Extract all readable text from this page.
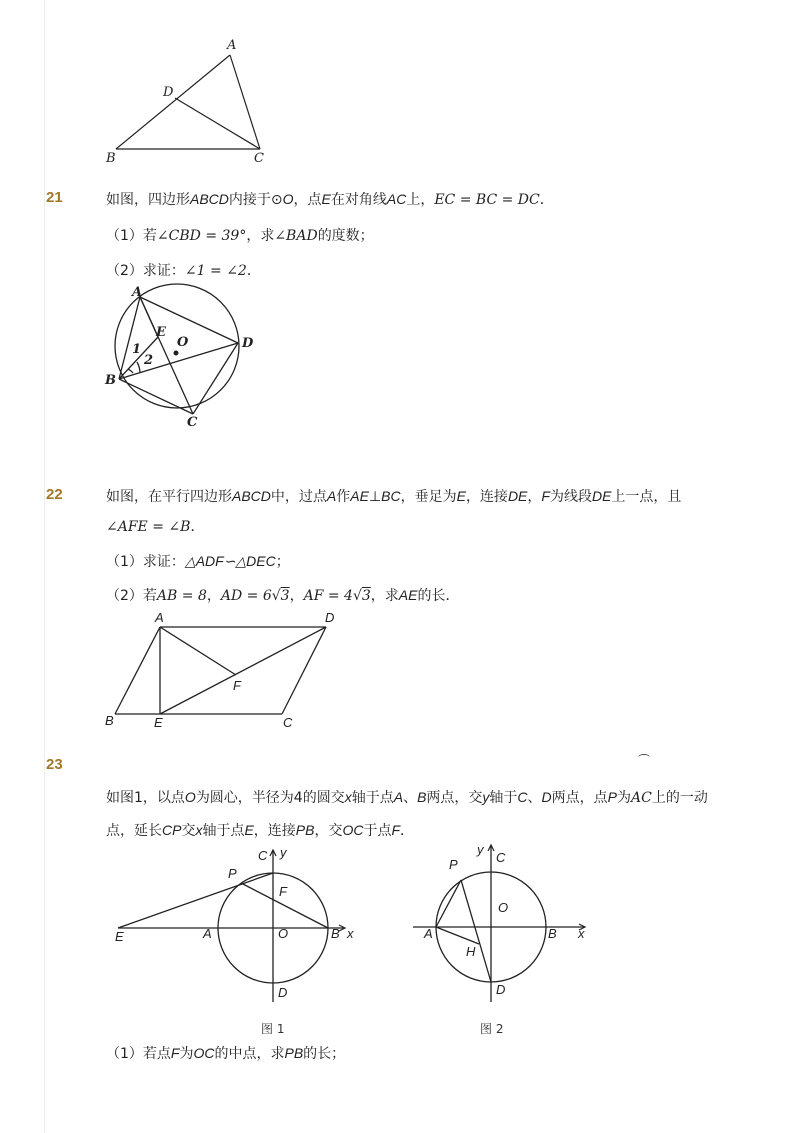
A
D
B	C
21	如图，四边形ABCD内接于⊙O，点E在对角线AC上，EC = BC = DC．
（1）若∠CBD = 39°，求∠BAD的度数；
（2）求证：∠1 = ∠2．
A
E
O	D
B
C
1
2
22	如图，在平行四边形ABCD中，过点A作AE⊥BC，垂足为E，连接DE，F为线段DE上一点，且
∠AFE = ∠B．
（1）求证：△ADF∽△DEC；
（2）若AB = 8，AD = 6√3，AF = 4√3，求AE的长．
A	D
F
B	E	C
23
如图1，以点O为圆心，半径为4的圆交x轴于点A、B两点，交y轴于C、D两点，点P为AC上的一动
点，延长CP交x轴于点E，连接PB，交OC于点F．
C y
P
F
E	A	O	B x
D
图 1
y
C
P
O
A	B x
H
D
图 2
（1）若点F为OC的中点，求PB的长；
